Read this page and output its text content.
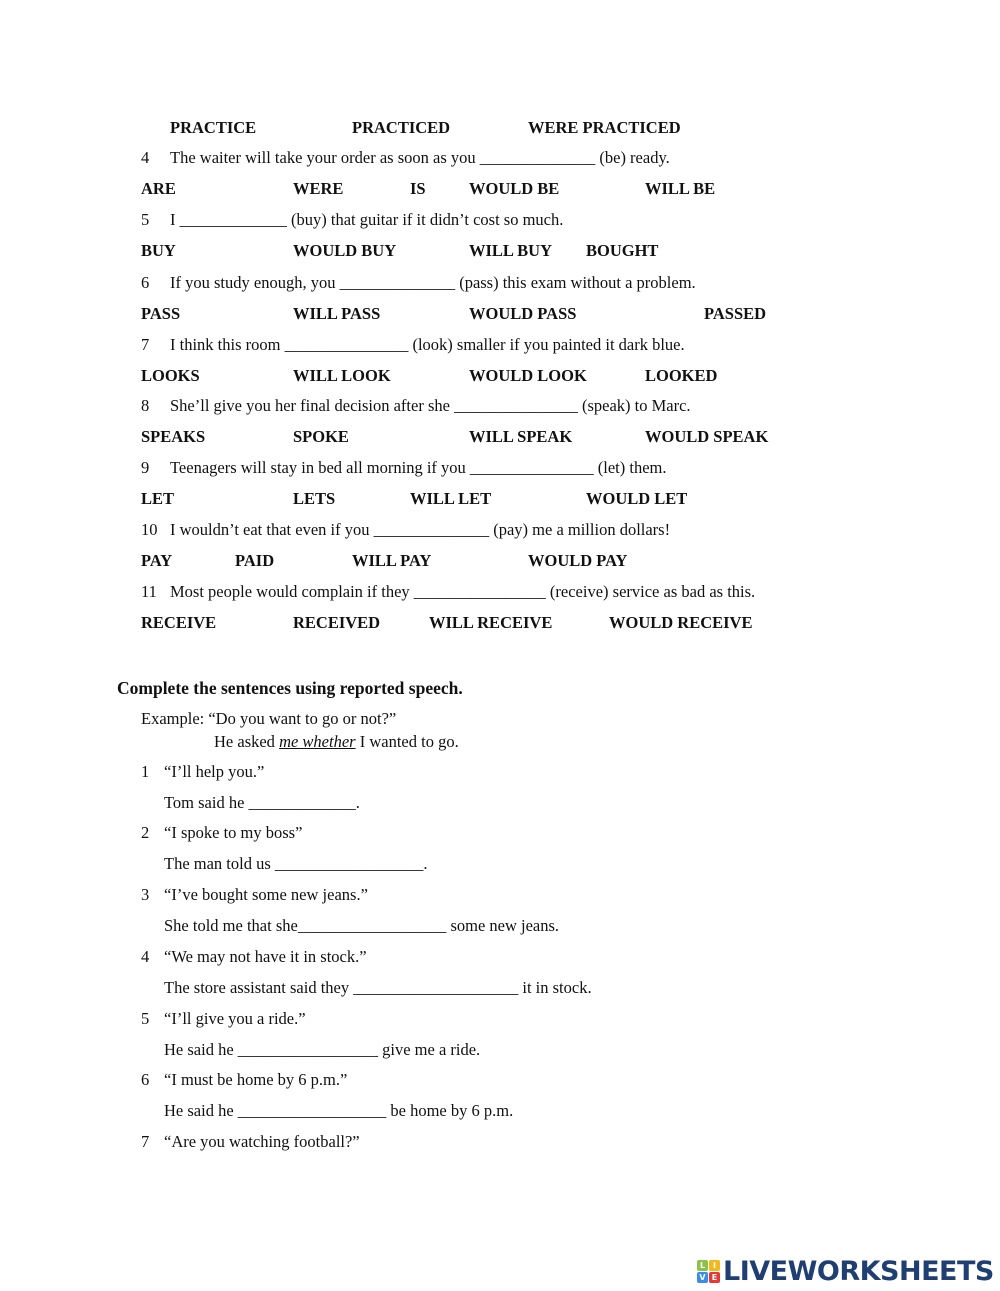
PRACTICE	PRACTICED	WERE PRACTICED
4 The waiter will take your order as soon as you ______________ (be) ready.
ARE	WERE	IS	WOULD BE	WILL BE
5 I _____________ (buy) that guitar if it didn’t cost so much.
BUY	WOULD BUY	WILL BUY BOUGHT
6 If you study enough, you ______________ (pass) this exam without a problem.
PASS	WILL PASS	WOULD PASS	PASSED
7 I think this room _______________ (look) smaller if you painted it dark blue.
LOOKS	WILL LOOK	WOULD LOOK	LOOKED
8 She’ll give you her final decision after she _______________ (speak) to Marc.
SPEAKS	SPOKE	WILL SPEAK	WOULD SPEAK
9 Teenagers will stay in bed all morning if you _______________ (let) them.
LET	LETS	WILL LET	WOULD LET
10 I wouldn’t eat that even if you ______________ (pay) me a million dollars!
PAY	PAID	WILL PAY	WOULD PAY
11 Most people would complain if they ________________ (receive) service as bad as this.
RECEIVE	RECEIVED	WILL RECEIVE	WOULD RECEIVE
Complete the sentences using reported speech.
Example: “Do you want to go or not?”
He asked me whether I wanted to go.
1 “I’ll help you.”
Tom said he _____________.
2 “I spoke to my boss”
The man told us __________________.
3 “I’ve bought some new jeans.”
She told me that she__________________ some new jeans.
4 “We may not have it in stock.”
The store assistant said they ____________________ it in stock.
5 “I’ll give you a ride.”
He said he _________________ give me a ride.
6 “I must be home by 6 p.m.”
He said he __________________ be home by 6 p.m.
7 “Are you watching football?”
L I
V E LIVEWORKSHEETS
